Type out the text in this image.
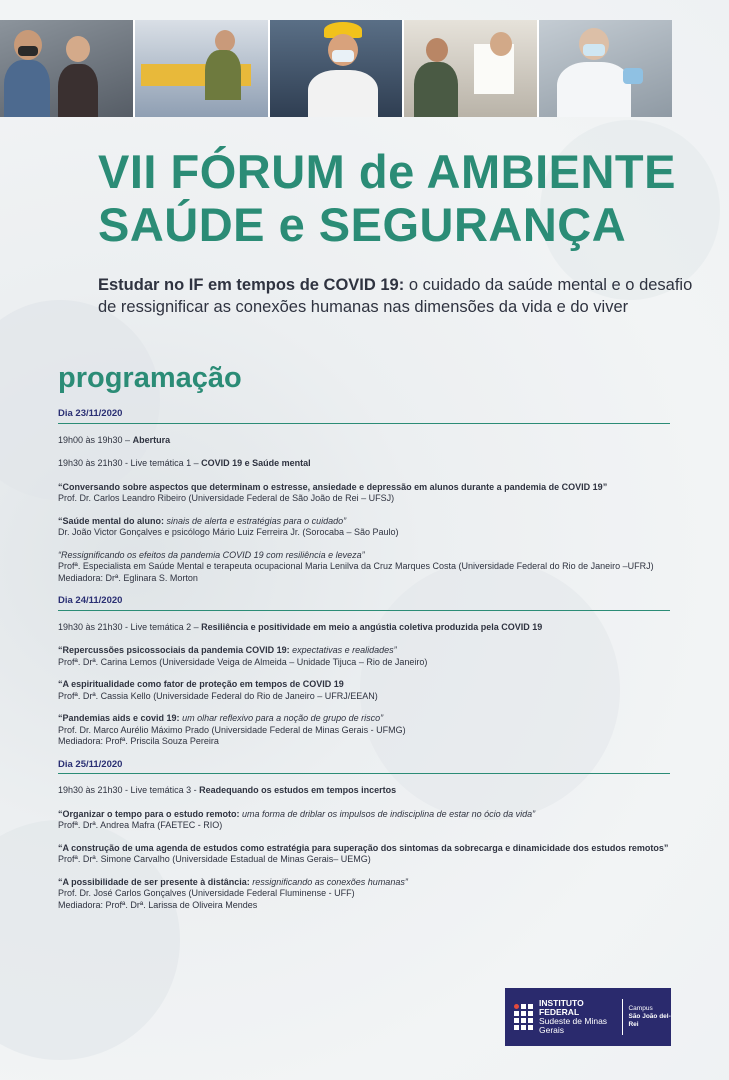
VII FÓRUM de AMBIENTE
SAÚDE e SEGURANÇA

Estudar no IF em tempos de COVID 19: o cuidado da saúde mental e o desafio de ressignificar as conexões humanas nas dimensões da vida e do viver

programação
Dia 23/11/2020
19h00 às 19h30 – Abertura
19h30 às 21h30 - Live temática 1 – COVID 19 e Saúde mental
“Conversando sobre aspectos que determinam o estresse, ansiedade e depressão em alunos durante a pandemia de COVID 19”
Prof. Dr. Carlos Leandro Ribeiro (Universidade Federal de São João de Rei – UFSJ)
“Saúde mental do aluno: sinais de alerta e estratégias para o cuidado”
Dr. João Victor Gonçalves e psicólogo Mário Luiz Ferreira Jr. (Sorocaba – São Paulo)
“Ressignificando os efeitos da pandemia COVID 19 com resiliência e leveza”
Profª. Especialista em Saúde Mental e terapeuta ocupacional Maria Lenilva da Cruz Marques Costa (Universidade Federal do Rio de Janeiro –UFRJ)
Mediadora: Drª. Eglinara S. Morton
Dia 24/11/2020
19h30 às 21h30 - Live temática 2 – Resiliência e positividade em meio a angústia coletiva produzida pela COVID 19
“Repercussões psicossociais da pandemia COVID 19: expectativas e realidades”
Profª. Drª. Carina Lemos (Universidade Veiga de Almeida – Unidade Tijuca – Rio de Janeiro)
“A espiritualidade como fator de proteção em tempos de COVID 19
Profª. Drª. Cassia Kello (Universidade Federal do Rio de Janeiro – UFRJ/EEAN)
“Pandemias aids e covid 19: um olhar reflexivo para a noção de grupo de risco”
Prof. Dr. Marco Aurélio Máximo Prado (Universidade Federal de Minas Gerais - UFMG)
Mediadora: Profª. Priscila Souza Pereira
Dia 25/11/2020
19h30 às 21h30 - Live temática 3 - Readequando os estudos em tempos incertos
“Organizar o tempo para o estudo remoto: uma forma de driblar os impulsos de indisciplina de estar no ócio da vida”
Profª. Drª. Andrea Mafra (FAETEC - RIO)
“A construção de uma agenda de estudos como estratégia para superação dos sintomas da sobrecarga e dinamicidade dos estudos remotos”
Profª. Drª. Simone Carvalho (Universidade Estadual de Minas Gerais– UEMG)
“A possibilidade de ser presente à distância: ressignificando as conexões humanas”
Prof. Dr. José Carlos Gonçalves (Universidade Federal Fluminense - UFF)
Mediadora: Profª. Drª. Larissa de Oliveira Mendes
INSTITUTO
FEDERAL
Sudeste de Minas Gerais
Campus
São João del-Rei
